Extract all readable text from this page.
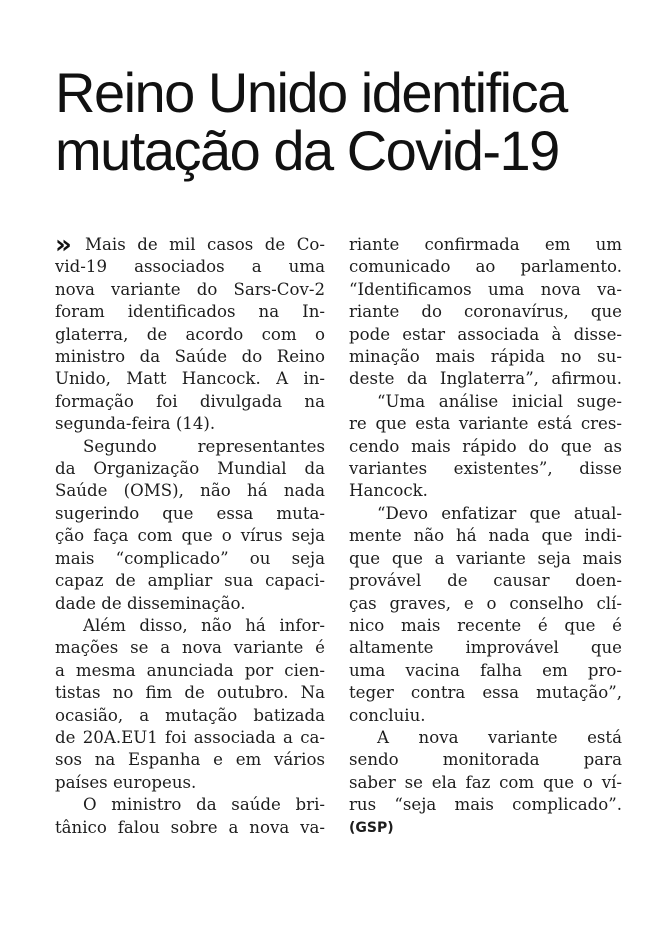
Reino Unido identifica
mutação da Covid-19
» Mais de mil casos de Co-
vid-19 associados a uma
nova variante do Sars-Cov-2
foram identificados na In-
glaterra, de acordo com o
ministro da Saúde do Reino
Unido, Matt Hancock. A in-
formação foi divulgada na
segunda-feira (14).
Segundo representantes
da Organização Mundial da
Saúde (OMS), não há nada
sugerindo que essa muta-
ção faça com que o vírus seja
mais “complicado” ou seja
capaz de ampliar sua capaci-
dade de disseminação.
Além disso, não há infor-
mações se a nova variante é
a mesma anunciada por cien-
tistas no fim de outubro. Na
ocasião, a mutação batizada
de 20A.EU1 foi associada a ca-
sos na Espanha e em vários
países europeus.
O ministro da saúde bri-
tânico falou sobre a nova va-
riante confirmada em um
comunicado ao parlamento.
“Identificamos uma nova va-
riante do coronavírus, que
pode estar associada à disse-
minação mais rápida no su-
deste da Inglaterra”, afirmou.
“Uma análise inicial suge-
re que esta variante está cres-
cendo mais rápido do que as
variantes existentes”, disse
Hancock.
“Devo enfatizar que atual-
mente não há nada que indi-
que que a variante seja mais
provável de causar doen-
ças graves, e o conselho clí-
nico mais recente é que é
altamente improvável que
uma vacina falha em pro-
teger contra essa mutação”,
concluiu.
A nova variante está
sendo monitorada para
saber se ela faz com que o ví-
rus “seja mais complicado”.
(GSP)
